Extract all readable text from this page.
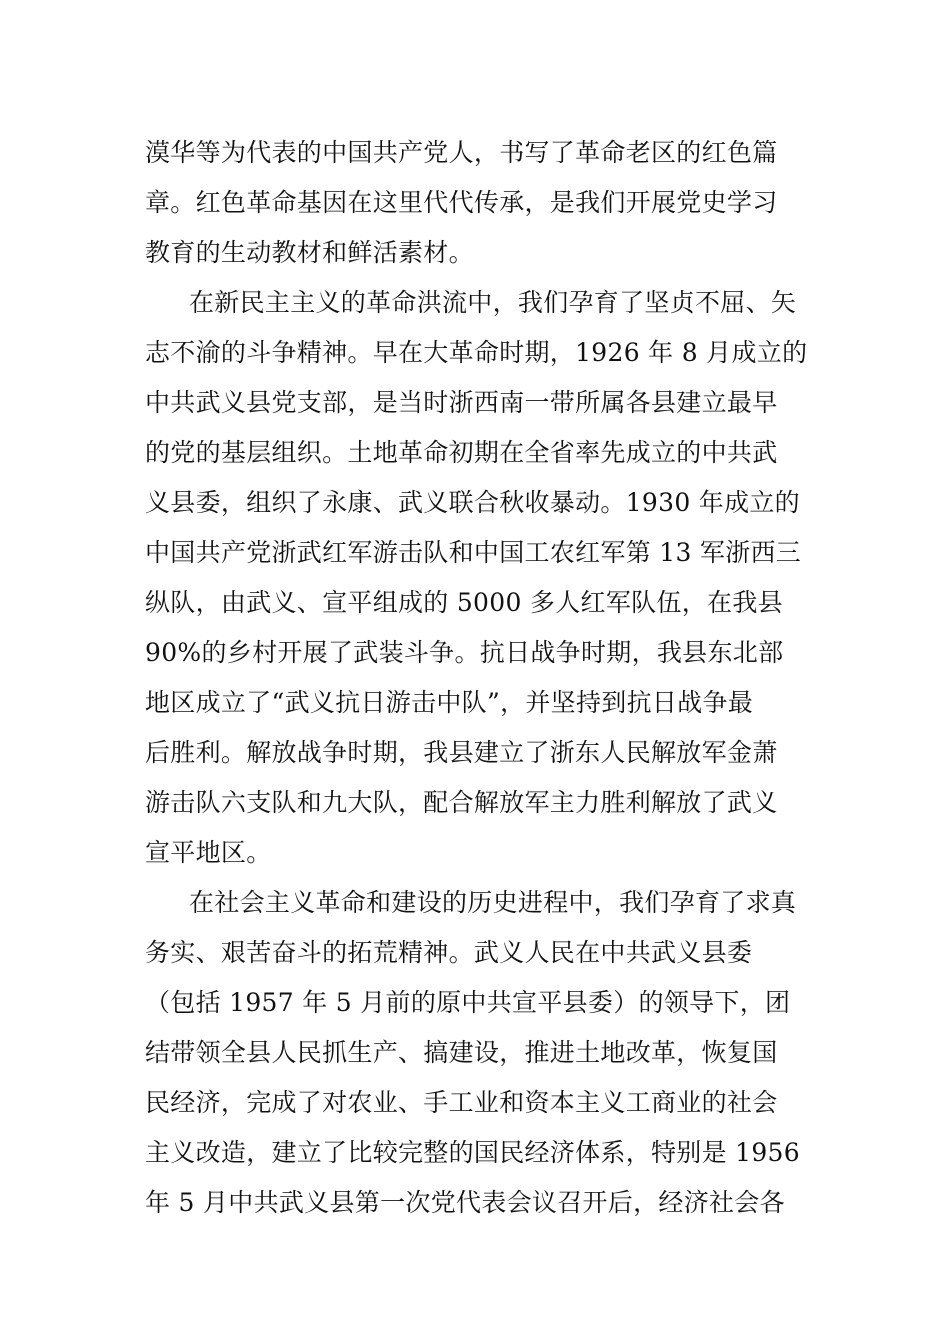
漠华等为代表的中国共产党人，书写了革命老区的红色篇
章。红色革命基因在这里代代传承，是我们开展党史学习
教育的生动教材和鲜活素材。
在新民主主义的革命洪流中，我们孕育了坚贞不屈、矢
志不渝的斗争精神。早在大革命时期，1926 年 8 月成立的
中共武义县党支部，是当时浙西南一带所属各县建立最早
的党的基层组织。土地革命初期在全省率先成立的中共武
义县委，组织了永康、武义联合秋收暴动。1930 年成立的
中国共产党浙武红军游击队和中国工农红军第 13 军浙西三
纵队，由武义、宣平组成的 5000 多人红军队伍，在我县
90%的乡村开展了武装斗争。抗日战争时期，我县东北部
地区成立了“武义抗日游击中队”，并坚持到抗日战争最
后胜利。解放战争时期，我县建立了浙东人民解放军金萧
游击队六支队和九大队，配合解放军主力胜利解放了武义
宣平地区。
在社会主义革命和建设的历史进程中，我们孕育了求真
务实、艰苦奋斗的拓荒精神。武义人民在中共武义县委
（包括 1957 年 5 月前的原中共宣平县委）的领导下，团
结带领全县人民抓生产、搞建设，推进土地改革，恢复国
民经济，完成了对农业、手工业和资本主义工商业的社会
主义改造，建立了比较完整的国民经济体系，特别是 1956
年 5 月中共武义县第一次党代表会议召开后，经济社会各
